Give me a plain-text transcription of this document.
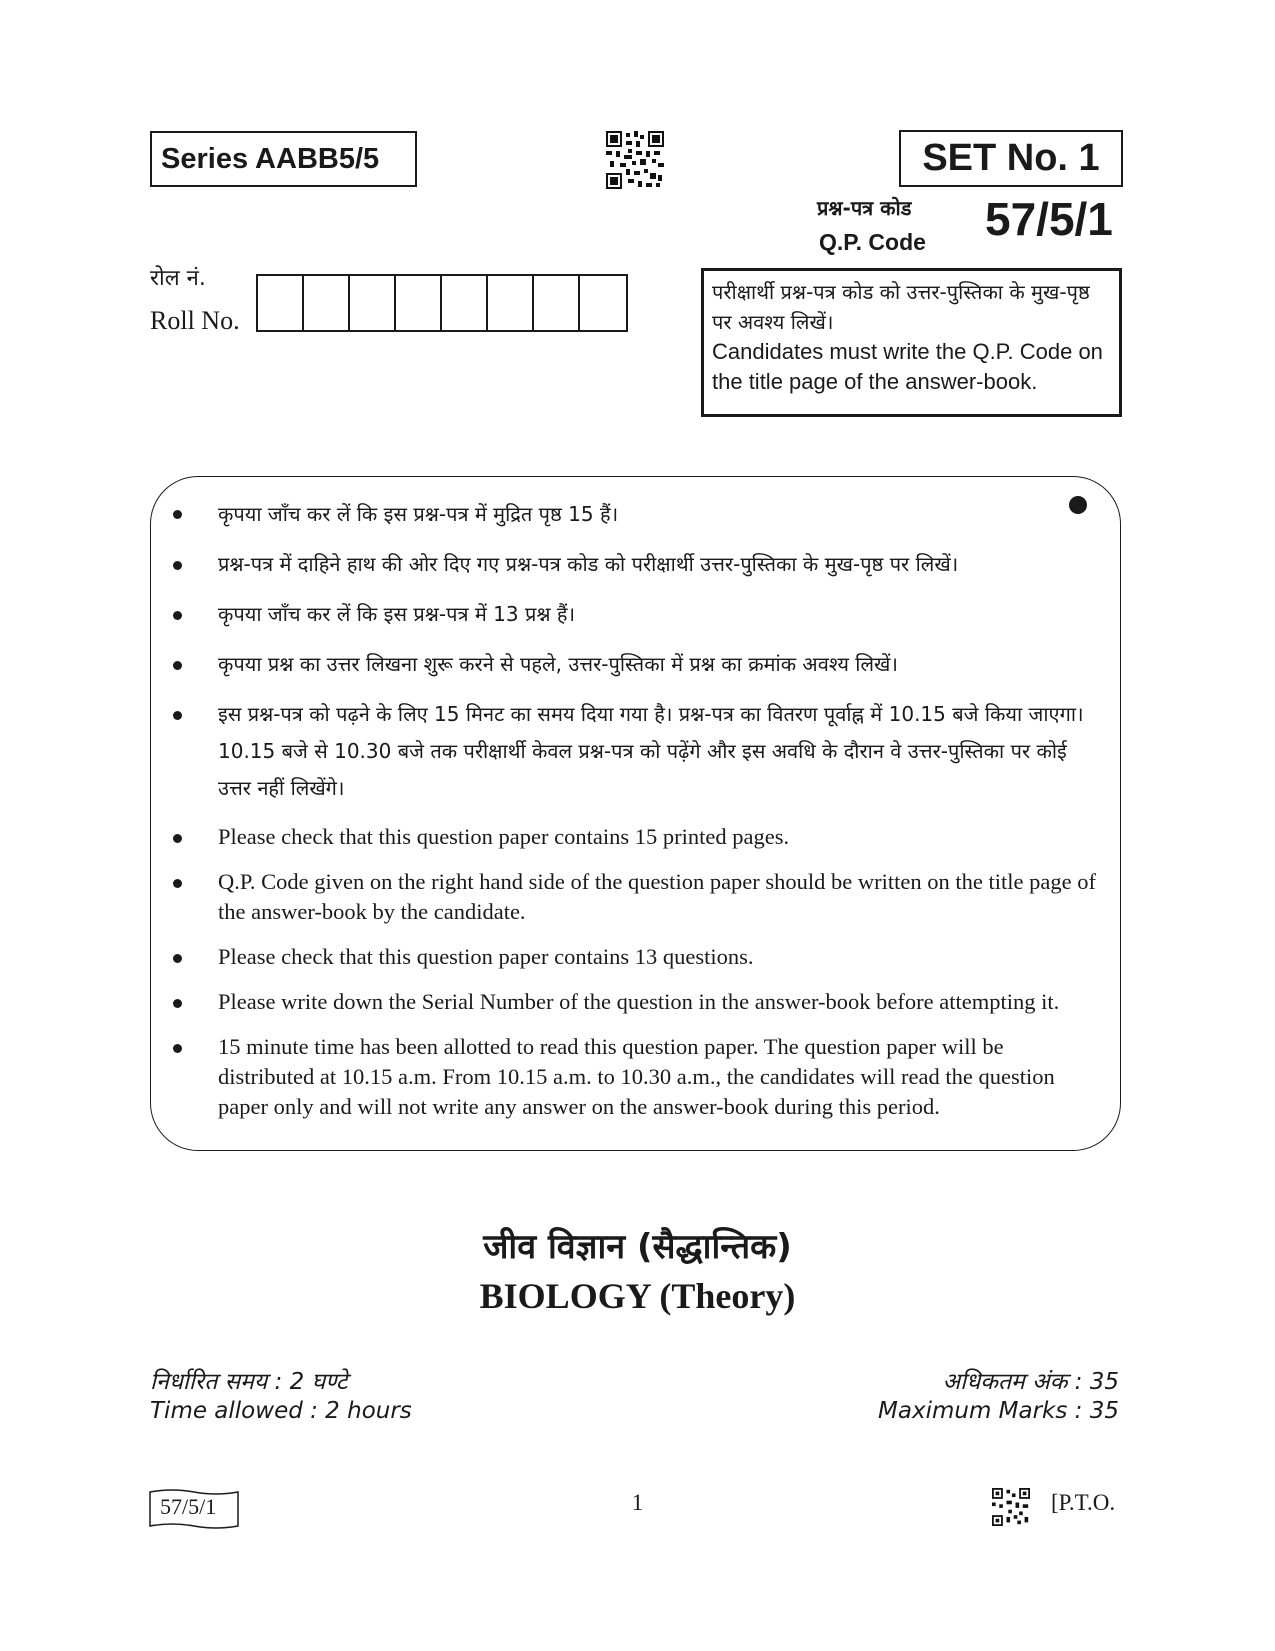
Series AABB5/5	SET No. 1
प्रश्न-पत्र कोड
Q.P. Code 57/5/1
रोल नं.
Roll No.
परीक्षार्थी प्रश्न-पत्र कोड को उत्तर-पुस्तिका के मुख-पृष्ठ पर अवश्य लिखें।
Candidates must write the Q.P. Code on the title page of the answer-book.
कृपया जाँच कर लें कि इस प्रश्न-पत्र में मुद्रित पृष्ठ 15 हैं।
प्रश्न-पत्र में दाहिने हाथ की ओर दिए गए प्रश्न-पत्र कोड को परीक्षार्थी उत्तर-पुस्तिका के मुख-पृष्ठ पर लिखें।
कृपया जाँच कर लें कि इस प्रश्न-पत्र में 13 प्रश्न हैं।
कृपया प्रश्न का उत्तर लिखना शुरू करने से पहले, उत्तर-पुस्तिका में प्रश्न का क्रमांक अवश्य लिखें।
इस प्रश्न-पत्र को पढ़ने के लिए 15 मिनट का समय दिया गया है। प्रश्न-पत्र का वितरण पूर्वाह्न में 10.15 बजे किया जाएगा। 10.15 बजे से 10.30 बजे तक परीक्षार्थी केवल प्रश्न-पत्र को पढ़ेंगे और इस अवधि के दौरान वे उत्तर-पुस्तिका पर कोई उत्तर नहीं लिखेंगे।
Please check that this question paper contains 15 printed pages.
Q.P. Code given on the right hand side of the question paper should be written on the title page of the answer-book by the candidate.
Please check that this question paper contains 13 questions.
Please write down the Serial Number of the question in the answer-book before attempting it.
15 minute time has been allotted to read this question paper. The question paper will be distributed at 10.15 a.m. From 10.15 a.m. to 10.30 a.m., the candidates will read the question paper only and will not write any answer on the answer-book during this period.
जीव विज्ञान (सैद्धान्तिक)
BIOLOGY (Theory)
निर्धारित समय : 2 घण्टे
Time allowed : 2 hours
अधिकतम अंक : 35
Maximum Marks : 35
57/5/1	1	[P.T.O.
